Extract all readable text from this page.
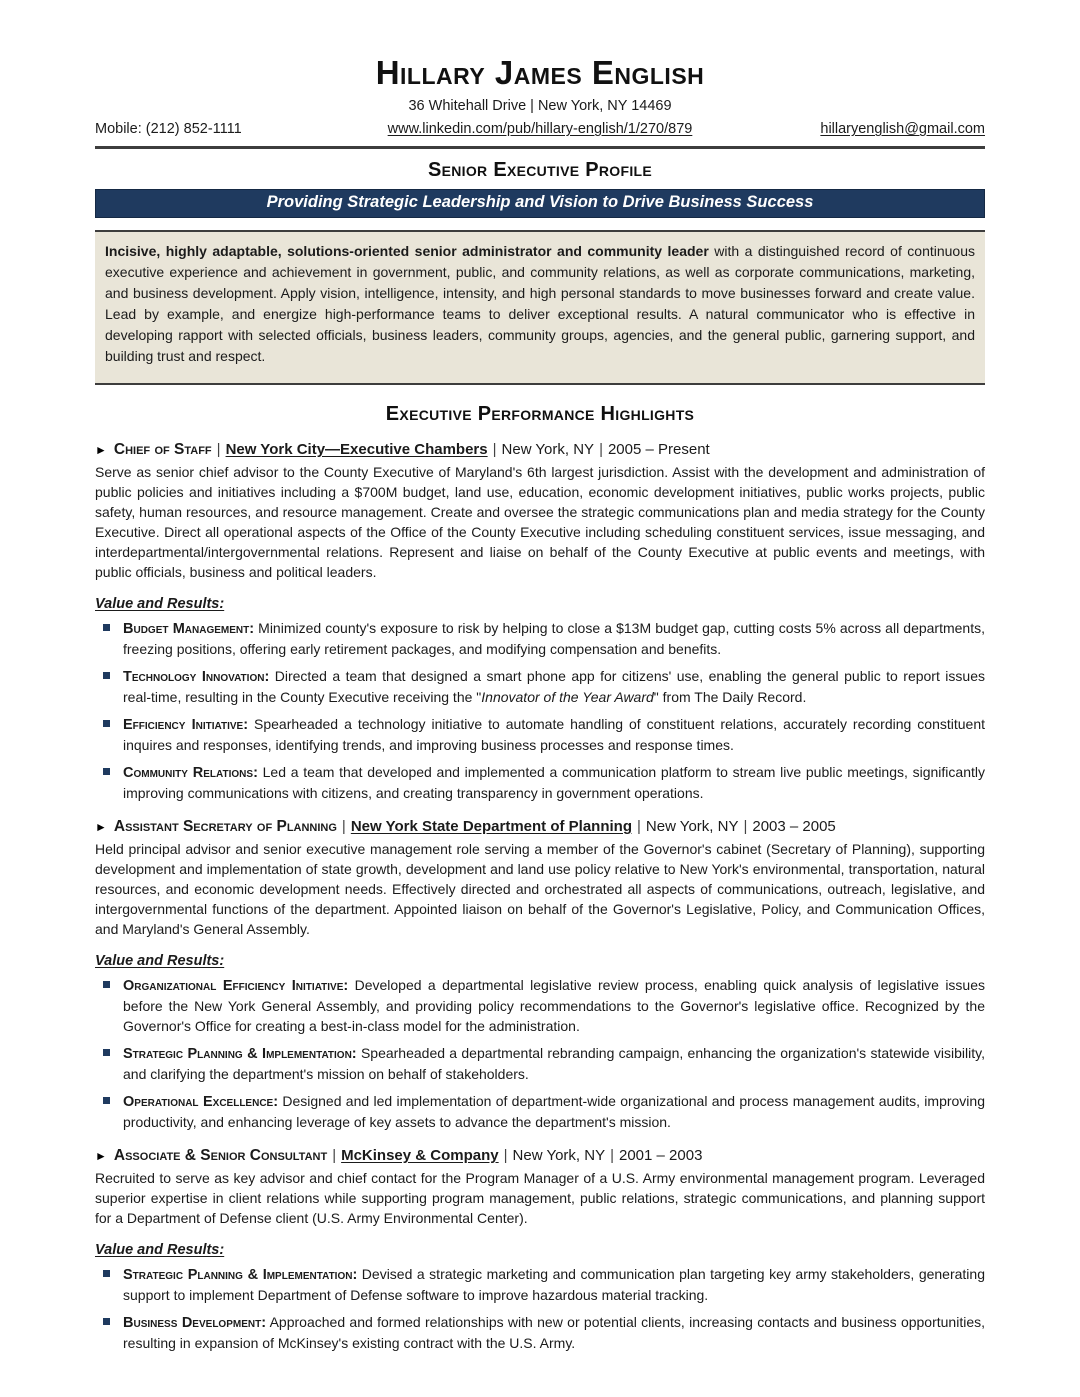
Hillary James English
36 Whitehall Drive | New York, NY 14469
Mobile: (212) 852-1111	www.linkedin.com/pub/hillary-english/1/270/879	hillaryenglish@gmail.com
Senior Executive Profile
Providing Strategic Leadership and Vision to Drive Business Success
Incisive, highly adaptable, solutions-oriented senior administrator and community leader with a distinguished record of continuous executive experience and achievement in government, public, and community relations, as well as corporate communications, marketing, and business development. Apply vision, intelligence, intensity, and high personal standards to move businesses forward and create value. Lead by example, and energize high-performance teams to deliver exceptional results. A natural communicator who is effective in developing rapport with selected officials, business leaders, community groups, agencies, and the general public, garnering support, and building trust and respect.
Executive Performance Highlights
► Chief of Staff | New York City—Executive Chambers | New York, NY | 2005 – Present

Serve as senior chief advisor to the County Executive of Maryland's 6th largest jurisdiction. Assist with the development and administration of public policies and initiatives including a $700M budget, land use, education, economic development initiatives, public works projects, public safety, human resources, and resource management. Create and oversee the strategic communications plan and media strategy for the County Executive. Direct all operational aspects of the Office of the County Executive including scheduling constituent services, issue messaging, and interdepartmental/intergovernmental relations. Represent and liaise on behalf of the County Executive at public events and meetings, with public officials, business and political leaders.

Value and Results:
Budget Management: Minimized county's exposure to risk by helping to close a $13M budget gap, cutting costs 5% across all departments, freezing positions, offering early retirement packages, and modifying compensation and benefits.
Technology Innovation: Directed a team that designed a smart phone app for citizens' use, enabling the general public to report issues real-time, resulting in the County Executive receiving the "Innovator of the Year Award" from The Daily Record.
Efficiency Initiative: Spearheaded a technology initiative to automate handling of constituent relations, accurately recording constituent inquires and responses, identifying trends, and improving business processes and response times.
Community Relations: Led a team that developed and implemented a communication platform to stream live public meetings, significantly improving communications with citizens, and creating transparency in government operations.
► Assistant Secretary of Planning | New York State Department of Planning | New York, NY | 2003 – 2005

Held principal advisor and senior executive management role serving a member of the Governor's cabinet (Secretary of Planning), supporting development and implementation of state growth, development and land use policy relative to New York's environmental, transportation, natural resources, and economic development needs. Effectively directed and orchestrated all aspects of communications, outreach, legislative, and intergovernmental functions of the department. Appointed liaison on behalf of the Governor's Legislative, Policy, and Communication Offices, and Maryland's General Assembly.

Value and Results:
Organizational Efficiency Initiative: Developed a departmental legislative review process, enabling quick analysis of legislative issues before the New York General Assembly, and providing policy recommendations to the Governor's legislative office. Recognized by the Governor's Office for creating a best-in-class model for the administration.
Strategic Planning & Implementation: Spearheaded a departmental rebranding campaign, enhancing the organization's statewide visibility, and clarifying the department's mission on behalf of stakeholders.
Operational Excellence: Designed and led implementation of department-wide organizational and process management audits, improving productivity, and enhancing leverage of key assets to advance the department's mission.
► Associate & Senior Consultant | McKinsey & Company | New York, NY | 2001 – 2003

Recruited to serve as key advisor and chief contact for the Program Manager of a U.S. Army environmental management program. Leveraged superior expertise in client relations while supporting program management, public relations, strategic communications, and planning support for a Department of Defense client (U.S. Army Environmental Center).

Value and Results:
Strategic Planning & Implementation: Devised a strategic marketing and communication plan targeting key army stakeholders, generating support to implement Department of Defense software to improve hazardous material tracking.
Business Development: Approached and formed relationships with new or potential clients, increasing contacts and business opportunities, resulting in expansion of McKinsey's existing contract with the U.S. Army.
